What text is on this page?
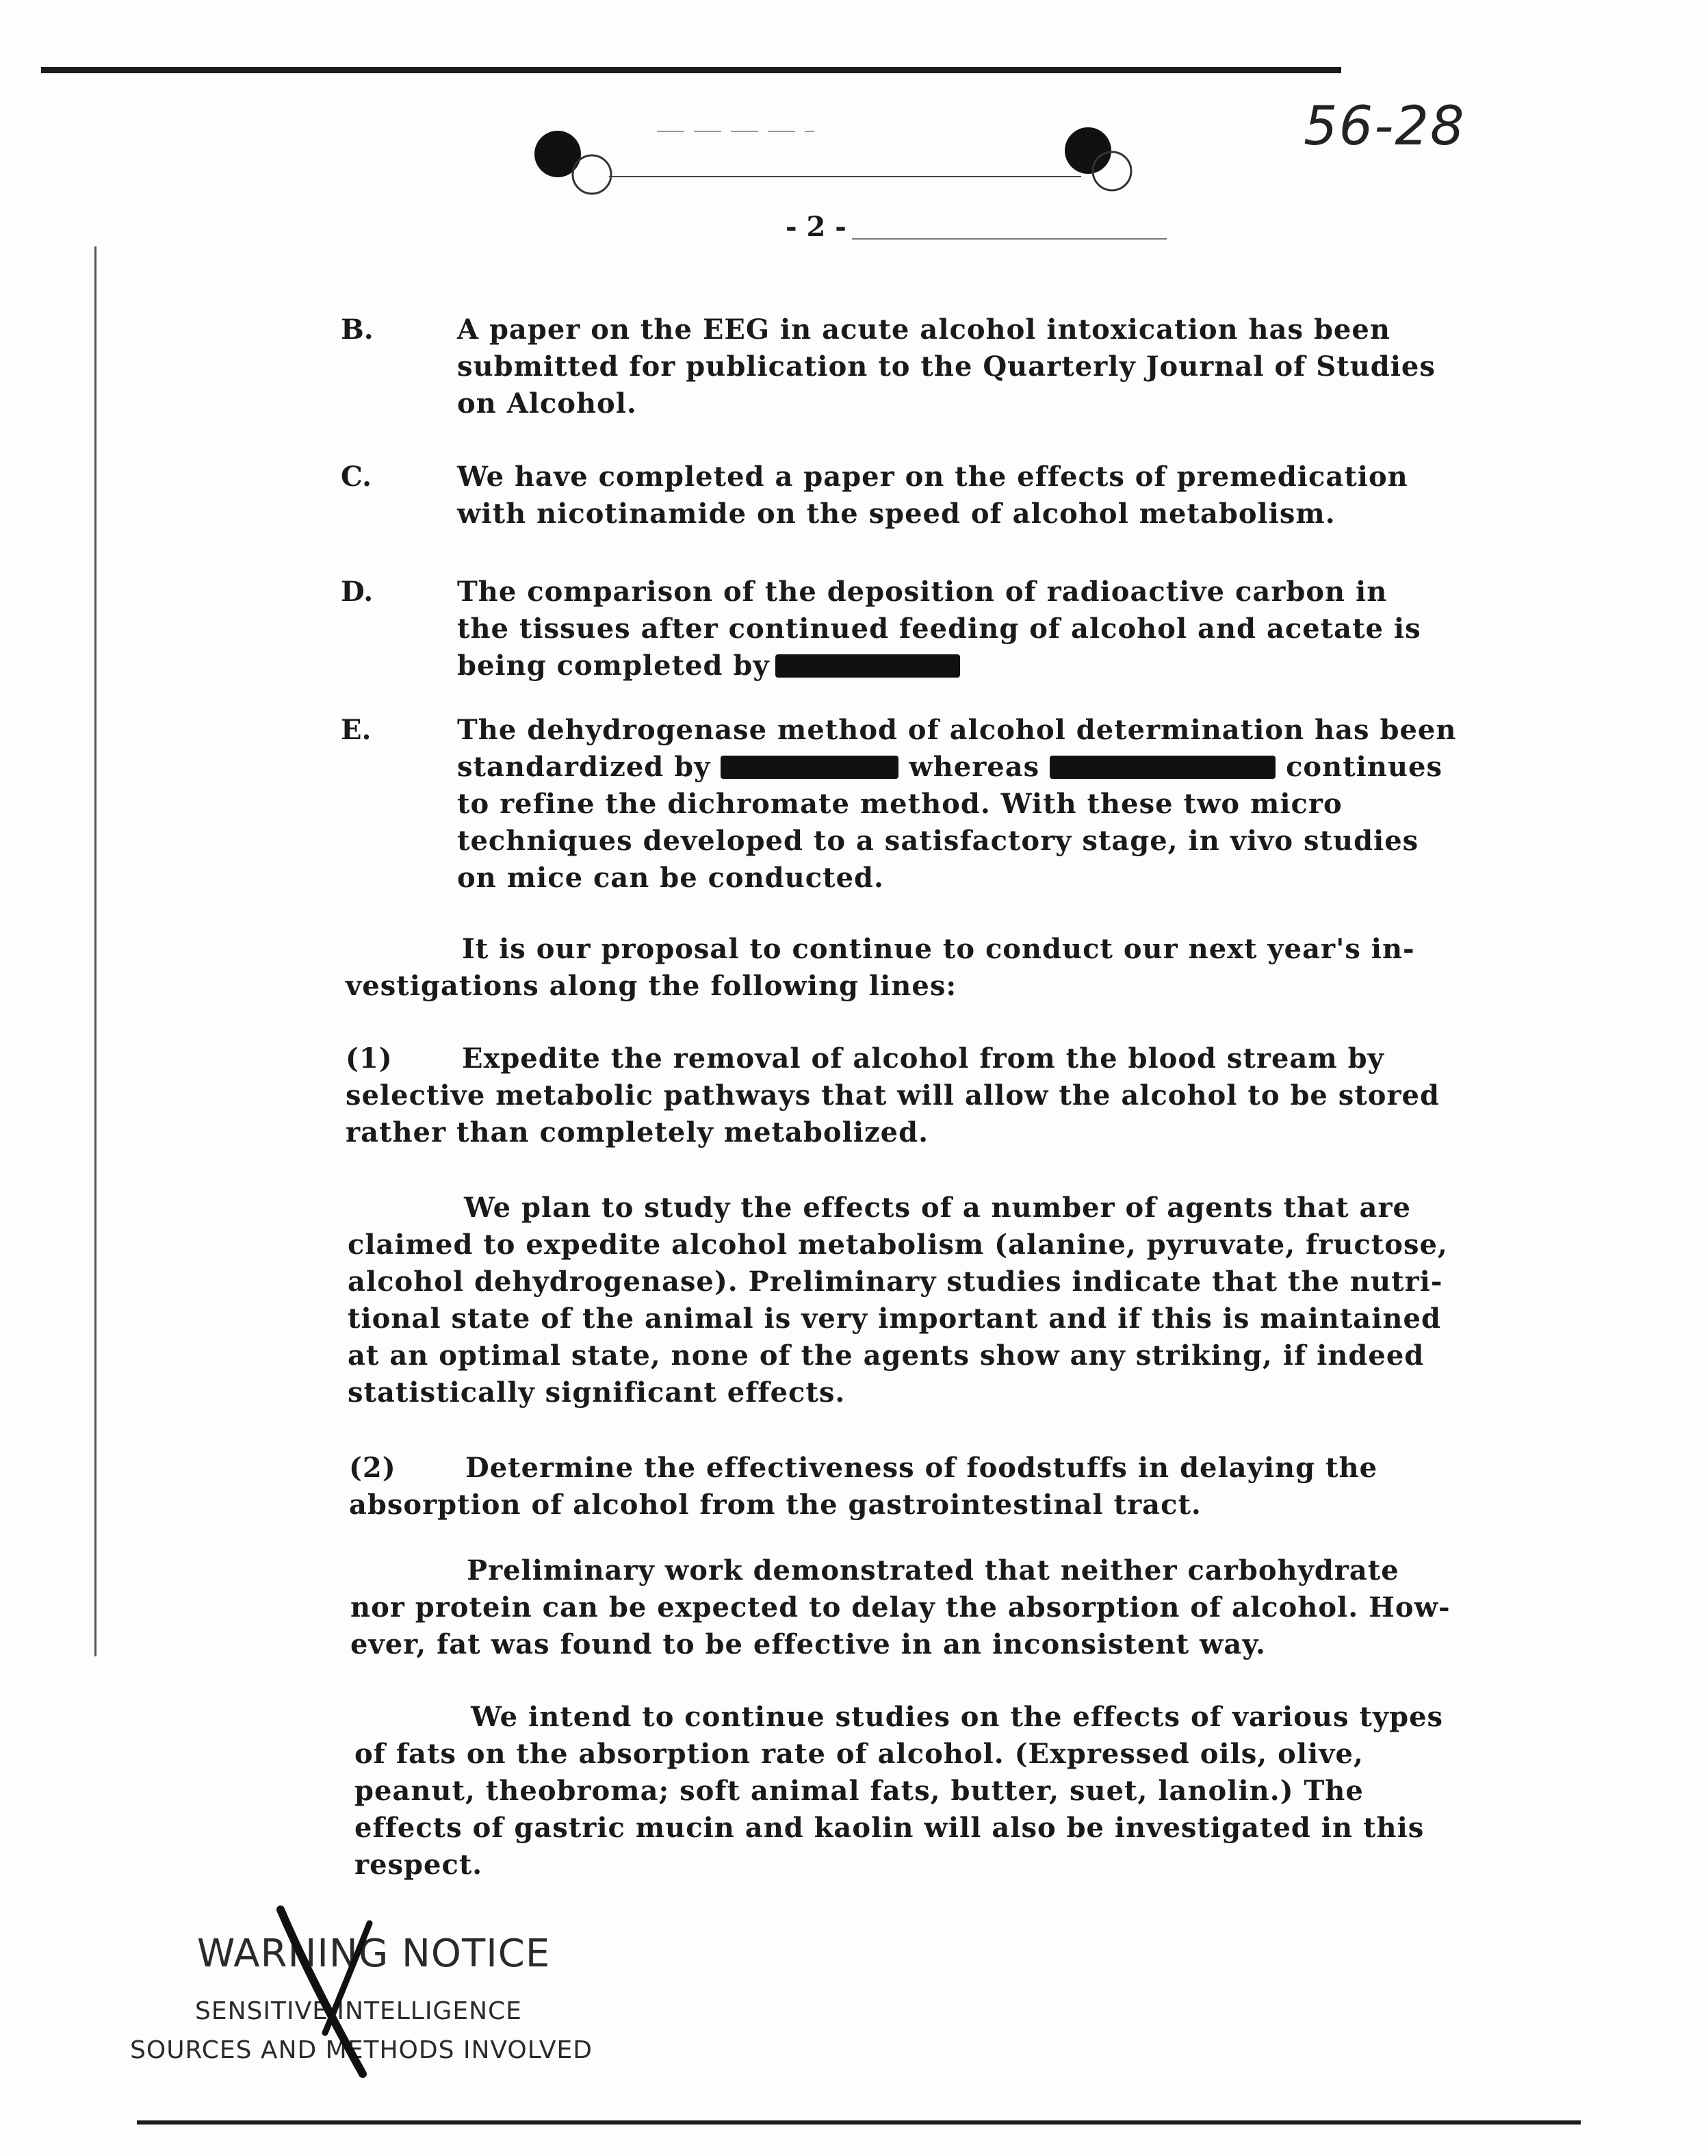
56-28
- 2 -
B.	A paper on the EEG in acute alcohol intoxication has been
submitted for publication to the Quarterly Journal of Studies
on Alcohol.
C.	We have completed a paper on the effects of premedication
with nicotinamide on the speed of alcohol metabolism.
D.	The comparison of the deposition of radioactive carbon in
the tissues after continued feeding of alcohol and acetate is
being completed by
E.	The dehydrogenase method of alcohol determination has been
standardized by	whereas	continues
to refine the dichromate method. With these two micro
techniques developed to a satisfactory stage, in vivo studies
on mice can be conducted.
It is our proposal to continue to conduct our next year's in-
vestigations along the following lines:
(1)	Expedite the removal of alcohol from the blood stream by
selective metabolic pathways that will allow the alcohol to be stored
rather than completely metabolized.
We plan to study the effects of a number of agents that are
claimed to expedite alcohol metabolism (alanine, pyruvate, fructose,
alcohol dehydrogenase). Preliminary studies indicate that the nutri-
tional state of the animal is very important and if this is maintained
at an optimal state, none of the agents show any striking, if indeed
statistically significant effects.
(2)	Determine the effectiveness of foodstuffs in delaying the
absorption of alcohol from the gastrointestinal tract.
Preliminary work demonstrated that neither carbohydrate
nor protein can be expected to delay the absorption of alcohol. How-
ever, fat was found to be effective in an inconsistent way.
We intend to continue studies on the effects of various types
of fats on the absorption rate of alcohol. (Expressed oils, olive,
peanut, theobroma; soft animal fats, butter, suet, lanolin.) The
effects of gastric mucin and kaolin will also be investigated in this
respect.
WARNING NOTICE
SENSITIVE INTELLIGENCE
SOURCES AND METHODS INVOLVED
